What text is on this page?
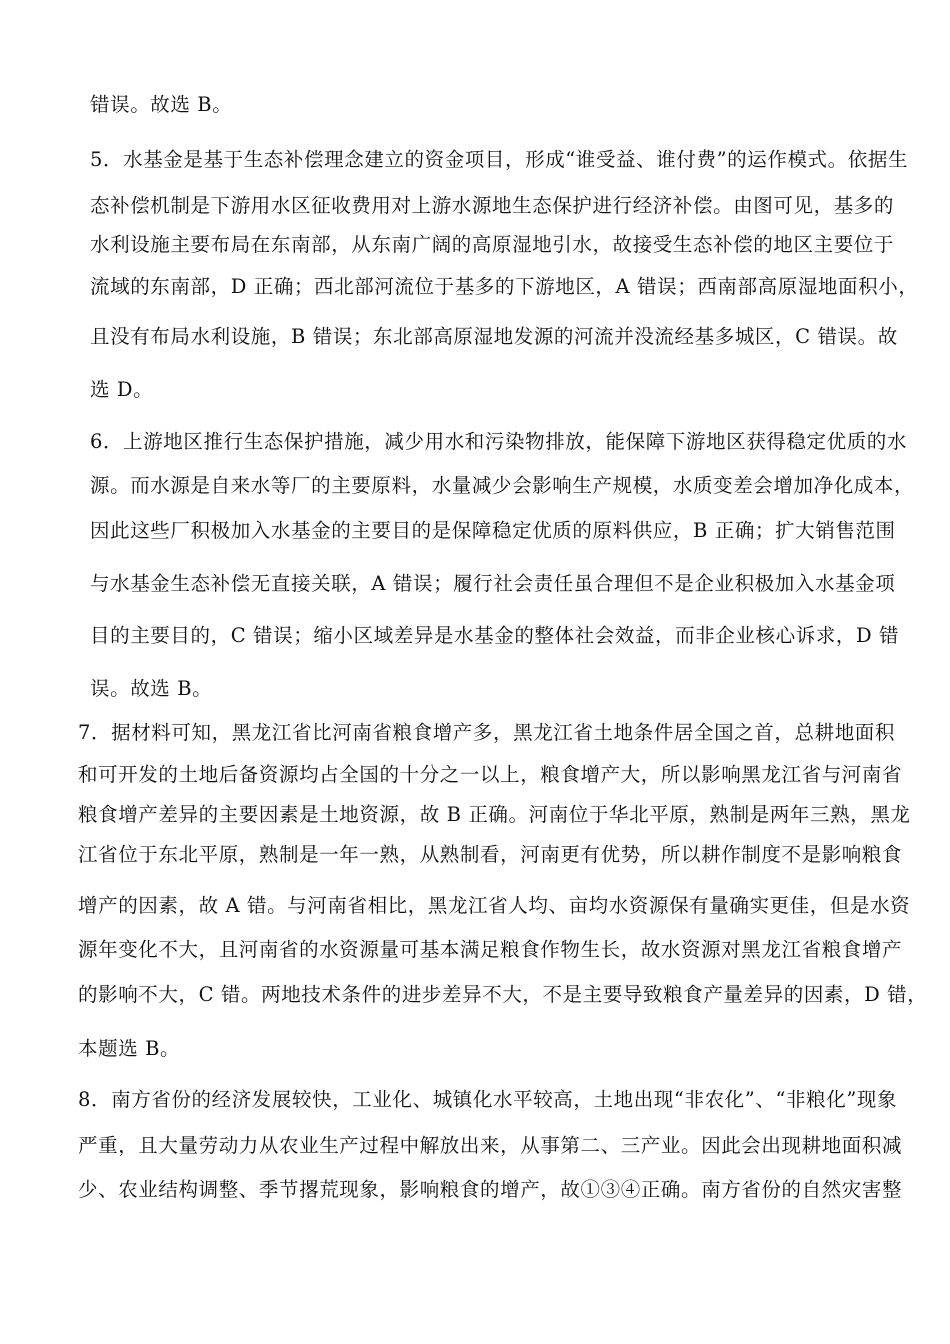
错误。故选 B。
5．水基金是基于生态补偿理念建立的资金项目，形成“谁受益、谁付费”的运作模式。依据生
态补偿机制是下游用水区征收费用对上游水源地生态保护进行经济补偿。由图可见，基多的
水利设施主要布局在东南部，从东南广阔的高原湿地引水，故接受生态补偿的地区主要位于
流域的东南部，D 正确；西北部河流位于基多的下游地区，A 错误；西南部高原湿地面积小，
且没有布局水利设施，B 错误；东北部高原湿地发源的河流并没流经基多城区，C 错误。故
选 D。
6．上游地区推行生态保护措施，减少用水和污染物排放，能保障下游地区获得稳定优质的水
源。而水源是自来水等厂的主要原料，水量减少会影响生产规模，水质变差会增加净化成本，
因此这些厂积极加入水基金的主要目的是保障稳定优质的原料供应，B 正确；扩大销售范围
与水基金生态补偿无直接关联，A 错误；履行社会责任虽合理但不是企业积极加入水基金项
目的主要目的，C 错误；缩小区域差异是水基金的整体社会效益，而非企业核心诉求，D 错
误。故选 B。
7．据材料可知，黑龙江省比河南省粮食增产多，黑龙江省土地条件居全国之首，总耕地面积
和可开发的土地后备资源均占全国的十分之一以上，粮食增产大，所以影响黑龙江省与河南省
粮食增产差异的主要因素是土地资源，故 B 正确。河南位于华北平原，熟制是两年三熟，黑龙
江省位于东北平原，熟制是一年一熟，从熟制看，河南更有优势，所以耕作制度不是影响粮食
增产的因素，故 A 错。与河南省相比，黑龙江省人均、亩均水资源保有量确实更佳，但是水资
源年变化不大，且河南省的水资源量可基本满足粮食作物生长，故水资源对黑龙江省粮食增产
的影响不大，C 错。两地技术条件的进步差异不大，不是主要导致粮食产量差异的因素，D 错，
本题选 B。
8．南方省份的经济发展较快，工业化、城镇化水平较高，土地出现“非农化”、“非粮化”现象
严重，且大量劳动力从农业生产过程中解放出来，从事第二、三产业。因此会出现耕地面积减
少、农业结构调整、季节撂荒现象，影响粮食的增产，故①③④正确。南方省份的自然灾害整
